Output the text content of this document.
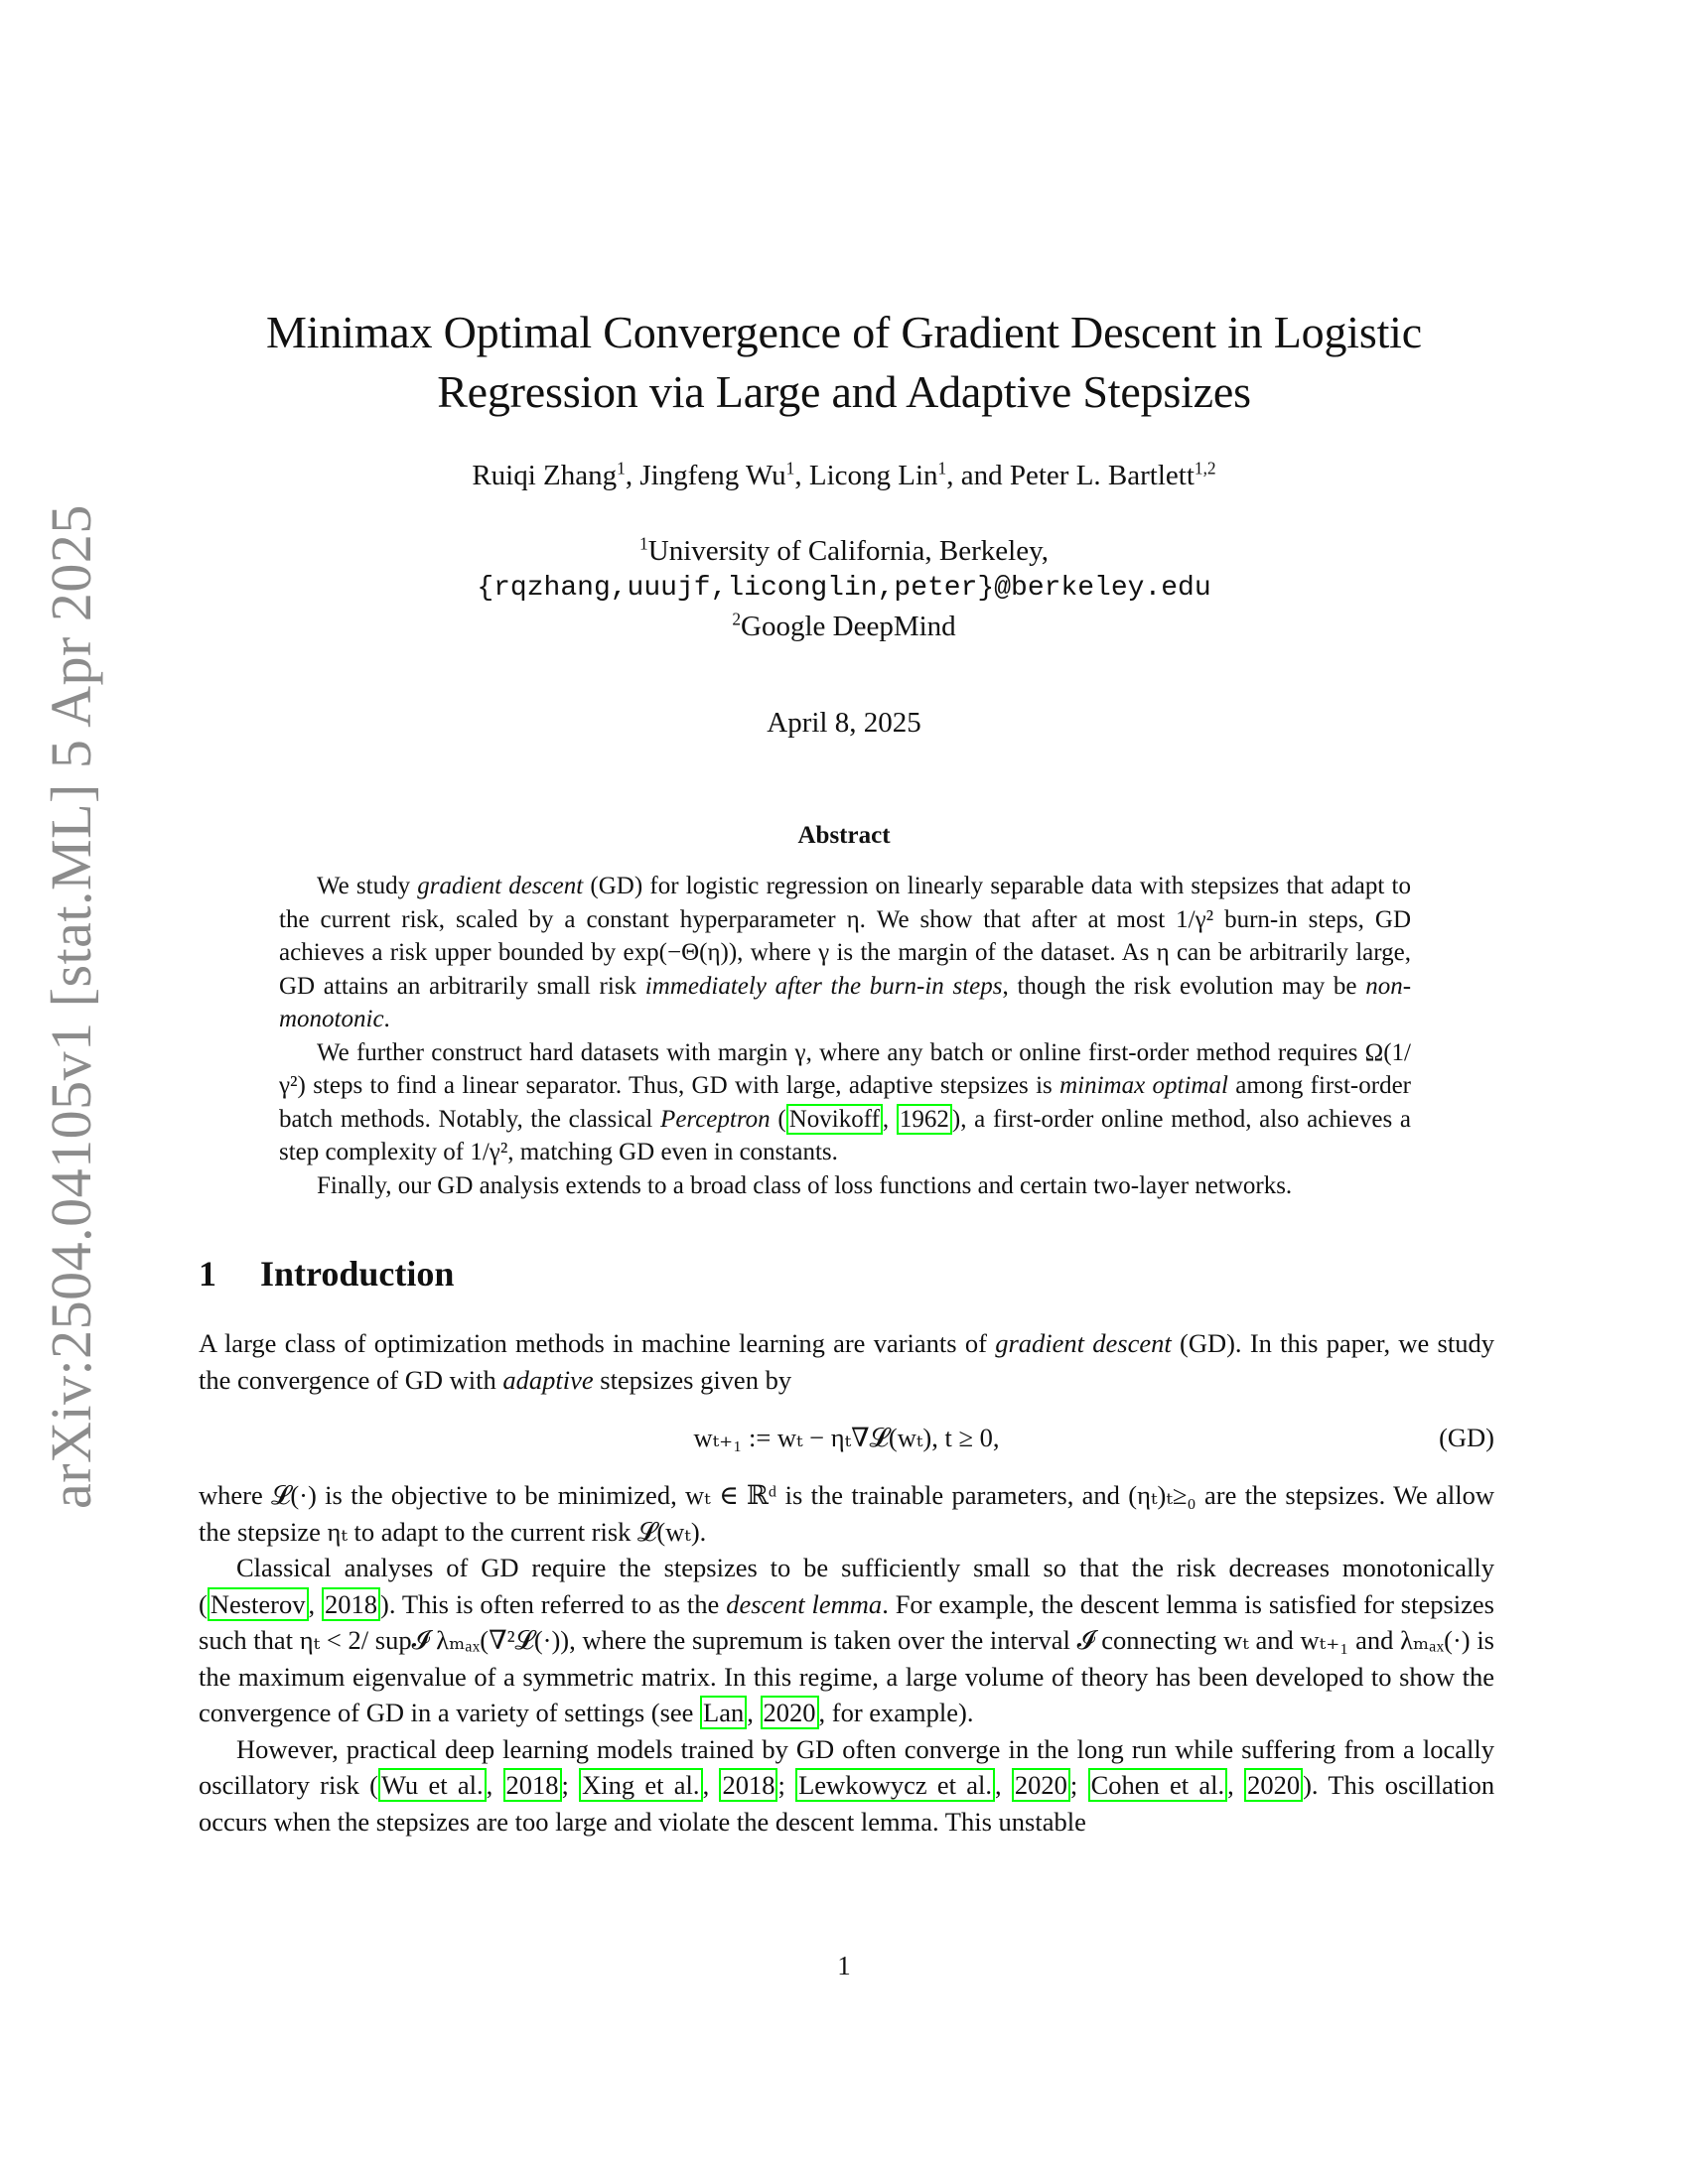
arXiv:2504.04105v1 [stat.ML] 5 Apr 2025
Minimax Optimal Convergence of Gradient Descent in Logistic
Regression via Large and Adaptive Stepsizes
Ruiqi Zhang$^1$, Jingfeng Wu$^1$, Licong Lin$^1$, and Peter L. Bartlett$^{1,2}$
$^1$University of California, Berkeley,
{rqzhang,uuujf,liconglin,peter}@berkeley.edu
$^2$Google DeepMind
April 8, 2025
Abstract

We study gradient descent (GD) for logistic regression on linearly separable data with stepsizes that adapt to the current risk, scaled by a constant hyperparameter η. We show that after at most 1/γ² burn-in steps, GD achieves a risk upper bounded by exp(−Θ(η)), where γ is the margin of the dataset. As η can be arbitrarily large, GD attains an arbitrarily small risk immediately after the burn-in steps, though the risk evolution may be non-monotonic.

We further construct hard datasets with margin γ, where any batch or online first-order method requires Ω(1/γ²) steps to find a linear separator. Thus, GD with large, adaptive stepsizes is minimax optimal among first-order batch methods. Notably, the classical Perceptron ( Novikoff , 1962 ), a first-order online method, also achieves a step complexity of 1/γ², matching GD even in constants.

Finally, our GD analysis extends to a broad class of loss functions and certain two-layer networks.

1 Introduction

A large class of optimization methods in machine learning are variants of gradient descent (GD). In this paper, we study the convergence of GD with adaptive stepsizes given by

wₜ₊₁ := wₜ − ηₜ∇𝓛(wₜ), t ≥ 0,	(GD)

where 𝓛(·) is the objective to be minimized, wₜ ∈ ℝᵈ is the trainable parameters, and (ηₜ)ₜ≥₀ are the stepsizes. We allow the stepsize ηₜ to adapt to the current risk 𝓛(wₜ).

Classical analyses of GD require the stepsizes to be sufficiently small so that the risk decreases monotonically ( Nesterov , 2018 ). This is often referred to as the descent lemma. For example, the descent lemma is satisfied for stepsizes such that ηₜ < 2/ sup𝓘 λₘₐₓ(∇²𝓛(·)), where the supremum is taken over the interval 𝓘 connecting wₜ and wₜ₊₁ and λₘₐₓ(·) is the maximum eigenvalue of a symmetric matrix. In this regime, a large volume of theory has been developed to show the convergence of GD in a variety of settings (see Lan , 2020 , for example).

However, practical deep learning models trained by GD often converge in the long run while suffering from a locally oscillatory risk ( Wu et al. , 2018 ; Xing et al. , 2018 ; Lewkowycz et al. , 2020 ; Cohen et al. , 2020 ). This oscillation occurs when the stepsizes are too large and violate the descent lemma. This unstable

1
